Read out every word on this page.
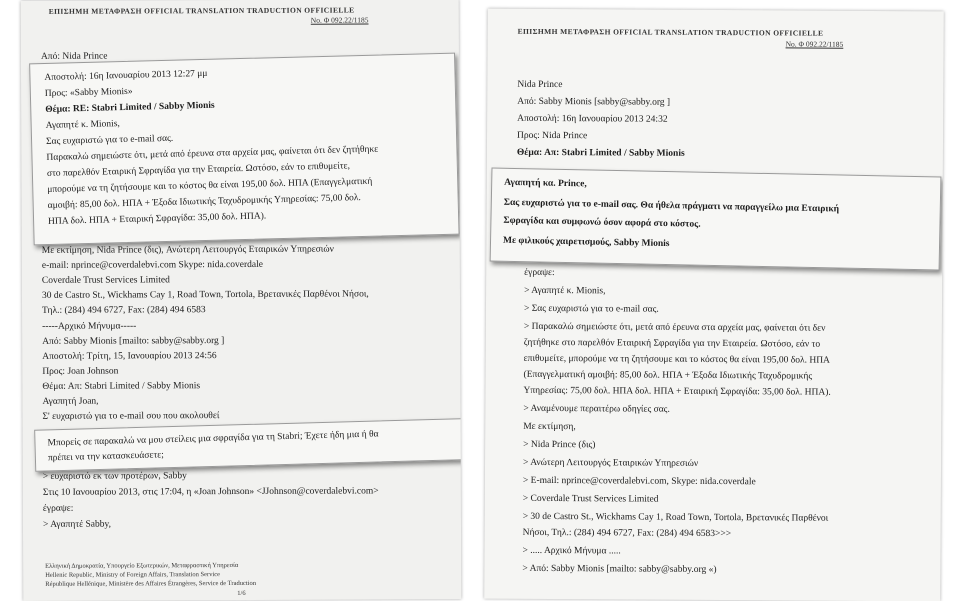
ΕΠΙΣΗΜΗ ΜΕΤΑΦΡΑΣΗ OFFICIAL TRANSLATION TRADUCTION OFFICIELLE
No. Φ 092.22/1185
Από: Nida Prince
Αποστολή: 16η Ιανουαρίου 2013 12:27 μμ
Προς: «Sabby Mionis»
Θέμα: RE: Stabri Limited / Sabby Mionis
Αγαπητέ κ. Mionis,
Σας ευχαριστώ για το e-mail σας.
Παρακαλώ σημειώστε ότι, μετά από έρευνα στα αρχεία μας, φαίνεται ότι δεν ζητήθηκε
στο παρελθόν Εταιρική Σφραγίδα για την Εταιρεία. Ωστόσο, εάν το επιθυμείτε,
μπορούμε να τη ζητήσουμε και το κόστος θα είναι 195,00 δολ. ΗΠΑ (Επαγγελματική
αμοιβή: 85,00 δολ. ΗΠΑ + Έξοδα Ιδιωτικής Ταχυδρομικής Υπηρεσίας: 75,00 δολ.
ΗΠΑ δολ. ΗΠΑ + Εταιρική Σφραγίδα: 35,00 δολ. ΗΠΑ).
Με εκτίμηση, Nida Prince (δις), Ανώτερη Λειτουργός Εταιρικών Υπηρεσιών
e-mail: nprince@coverdalebvi.com Skype: nida.coverdale
Coverdale Trust Services Limited
30 de Castro St., Wickhams Cay 1, Road Town, Tortola, Βρετανικές Παρθένοι Νήσοι,
Τηλ.: (284) 494 6727, Fax: (284) 494 6583
-----Αρχικό Μήνυμα-----
Από: Sabby Mionis [mailto: sabby@sabby.org ]
Αποστολή: Τρίτη, 15, Ιανουαρίου 2013 24:56
Προς: Joan Johnson
Θέμα: Απ: Stabri Limited / Sabby Mionis
Αγαπητή Joan,
Σ' ευχαριστώ για το e-mail σου που ακολουθεί
Μπορείς σε παρακαλώ να μου στείλεις μια σφραγίδα για τη Stabri; Έχετε ήδη μια ή θα
πρέπει να την κατασκευάσετε;
> ευχαριστώ εκ των προτέρων, Sabby
Στις 10 Ιανουαρίου 2013, στις 17:04, η «Joan Johnson» <JJohnson@coverdalebvi.com>
έγραψε:
> Αγαπητέ Sabby,
Ελληνική Δημοκρατία, Υπουργείο Εξωτερικών, Μεταφραστική Υπηρεσία
Hellenic Republic, Ministry of Foreign Affairs, Translation Service
République Hellénique, Ministère des Affaires Étrangères, Service de Traduction
1/6
ΕΠΙΣΗΜΗ ΜΕΤΑΦΡΑΣΗ OFFICIAL TRANSLATION TRADUCTION OFFICIELLE
No. Φ 092.22/1185
Nida Prince
Από: Sabby Mionis [sabby@sabby.org ]
Αποστολή: 16η Ιανουαρίου 2013 24:32
Προς: Nida Prince
Θέμα: Απ: Stabri Limited / Sabby Mionis
Αγαπητή κα. Prince,
Σας ευχαριστώ για το e-mail σας. Θα ήθελα πράγματι να παραγγείλω μια Εταιρική
Σφραγίδα και συμφωνώ όσον αφορά στο κόστος.
Με φιλικούς χαιρετισμούς, Sabby Mionis
έγραψε:
> Αγαπητέ κ. Mionis,
> Σας ευχαριστώ για το e-mail σας.
> Παρακαλώ σημειώστε ότι, μετά από έρευνα στα αρχεία μας, φαίνεται ότι δεν
ζητήθηκε στο παρελθόν Εταιρική Σφραγίδα για την Εταιρεία. Ωστόσο, εάν το
επιθυμείτε, μπορούμε να τη ζητήσουμε και το κόστος θα είναι 195,00 δολ. ΗΠΑ
(Επαγγελματική αμοιβή: 85,00 δολ. ΗΠΑ + Έξοδα Ιδιωτικής Ταχυδρομικής
Υπηρεσίας: 75,00 δολ. ΗΠΑ δολ. ΗΠΑ + Εταιρική Σφραγίδα: 35,00 δολ. ΗΠΑ).
> Αναμένουμε περαιτέρω οδηγίες σας.
Με εκτίμηση,
> Nida Prince (δις)
> Ανώτερη Λειτουργός Εταιρικών Υπηρεσιών
> E-mail: nprince@coverdalebvi.com, Skype: nida.coverdale
> Coverdale Trust Services Limited
> 30 de Castro St., Wickhams Cay 1, Road Town, Tortola, Βρετανικές Παρθένοι
Νήσοι, Τηλ.: (284) 494 6727, Fax: (284) 494 6583>>>
> ..... Αρχικό Μήνυμα .....
> Από: Sabby Mionis [mailto: sabby@sabby.org «)
